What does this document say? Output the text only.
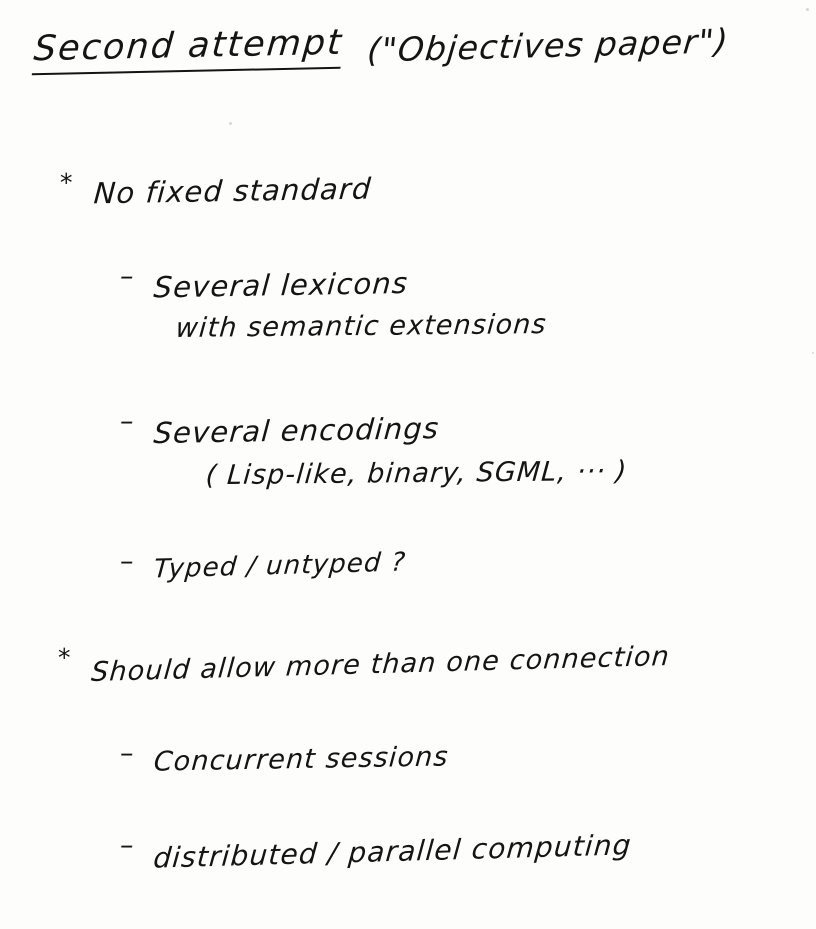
Second attempt ("Objectives paper")
* No fixed standard
– Several lexicons
with semantic extensions
– Several encodings
( Lisp-like, binary, SGML, ··· )
– Typed / untyped ?
* Should allow more than one connection
– Concurrent sessions
– distributed / parallel computing
